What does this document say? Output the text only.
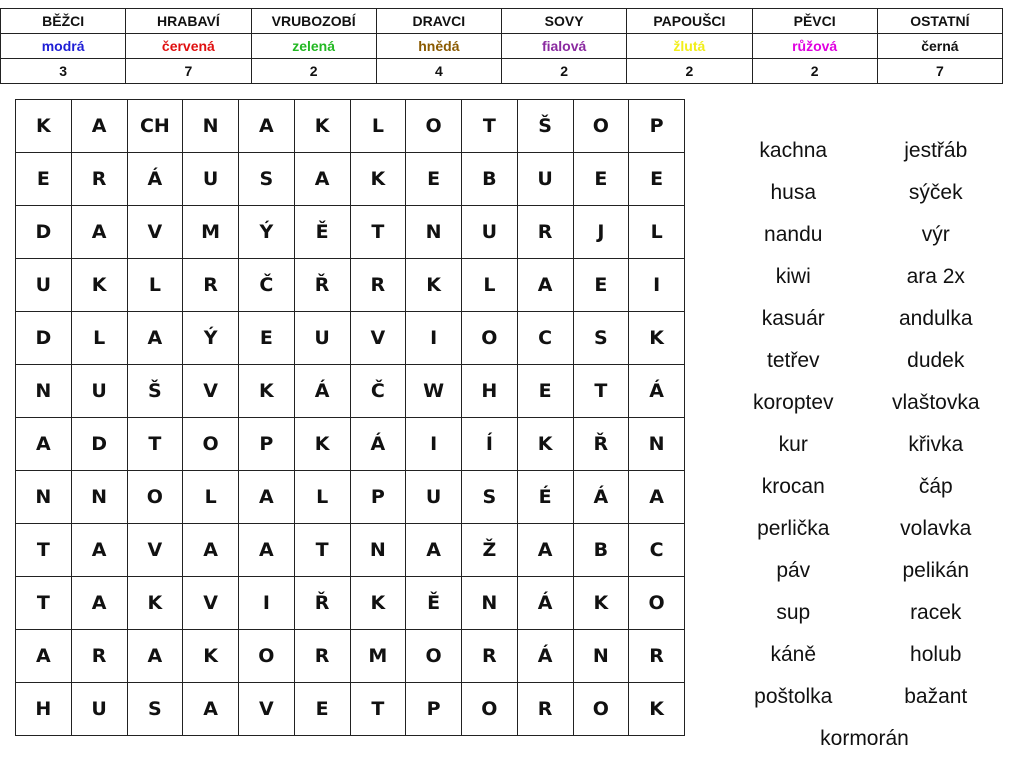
BĚŽCI	HRABAVÍ	VRUBOZOBÍ	DRAVCI	SOVY	PAPOUŠCI	PĚVCI	OSTATNÍ
modrá	červená	zelená	hnědá	fialová	žlutá	růžová	černá
3	7	2	4	2	2	2	7
K	A	CH	N	A	K	L	O	T	Š	O	P
E	R	Á	U	S	A	K	E	B	U	E	E
D	A	V	M	Ý	Ě	T	N	U	R	J	L
U	K	L	R	Č	Ř	R	K	L	A	E	I
D	L	A	Ý	E	U	V	I	O	C	S	K
N	U	Š	V	K	Á	Č	W	H	E	T	Á
A	D	T	O	P	K	Á	I	Í	K	Ř	N
N	N	O	L	A	L	P	U	S	É	Á	A
T	A	V	A	A	T	N	A	Ž	A	B	C
T	A	K	V	I	Ř	K	Ě	N	Á	K	O
A	R	A	K	O	R	M	O	R	Á	N	R
H	U	S	A	V	E	T	P	O	R	O	K
kachna	jestřáb
husa	sýček
nandu	výr
kiwi	ara 2x
kasuár	andulka
tetřev	dudek
koroptev	vlaštovka
kur	křivka
krocan	čáp
perlička	volavka
páv	pelikán
sup	racek
káně	holub
poštolka	bažant
kormorán
